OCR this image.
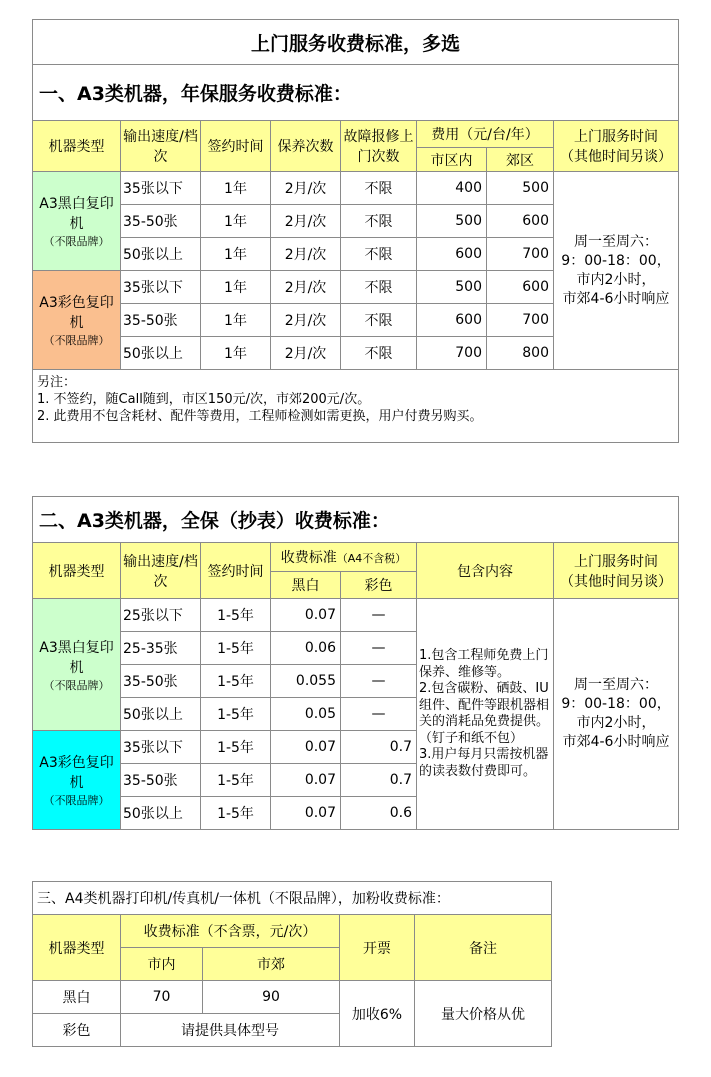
上门服务收费标准，多选							
一、A3类机器，年保服务收费标准：							
机器类型	输出速度/档次	签约时间	保养次数	故障报修上门次数	费用（元/台/年）		上门服务时间
（其他时间另谈）

					市区内	郊区	

A3黑白复印机
（不限品牌）	35张以下	1年	2月/次	不限	400	500	周一至周六：
9：00-18：00，
市内2小时，
市郊4-6小时响应

	35-50张	1年	2月/次	不限	500	600	
	50张以上	1年	2月/次	不限	600	700	

A3彩色复印机
（不限品牌）	35张以下	1年	2月/次	不限	500	600	
	35-50张	1年	2月/次	不限	600	700	
	50张以上	1年	2月/次	不限	700	800	

另注：
1. 不签约，随Call随到，市区150元/次，市郊200元/次。
2. 此费用不包含耗材、配件等费用，工程师检测如需更换，用户付费另购买。							
二、A3类机器，全保（抄表）收费标准：						
机器类型	输出速度/档次	签约时间	收费标准（A4不含税）		包含内容	上门服务时间
（其他时间另谈）

			黑白	彩色		

A3黑白复印机
（不限品牌）	25张以下	1-5年	0.07	—	1.包含工程师免费上门保养、维修等。
2.包含碳粉、硒鼓、IU组件、配件等跟机器相关的消耗品免费提供。（钉子和纸不包）
3.用户每月只需按机器的读表数付费即可。	周一至周六：
9：00-18：00，
市内2小时，
市郊4-6小时响应

	25-35张	1-5年	0.06	—		
	35-50张	1-5年	0.055	—		
	50张以上	1-5年	0.05	—		

A3彩色复印机
（不限品牌）	35张以下	1-5年	0.07	0.7		
	35-50张	1-5年	0.07	0.7		
	50张以上	1-5年	0.07	0.6		
三、A4类机器打印机/传真机/一体机（不限品牌），加粉收费标准：				
机器类型	收费标准（不含票，元/次）		开票	备注
	市内	市郊		
黑白	70	90	加收6%	量大价格从优
彩色	请提供具体型号			
